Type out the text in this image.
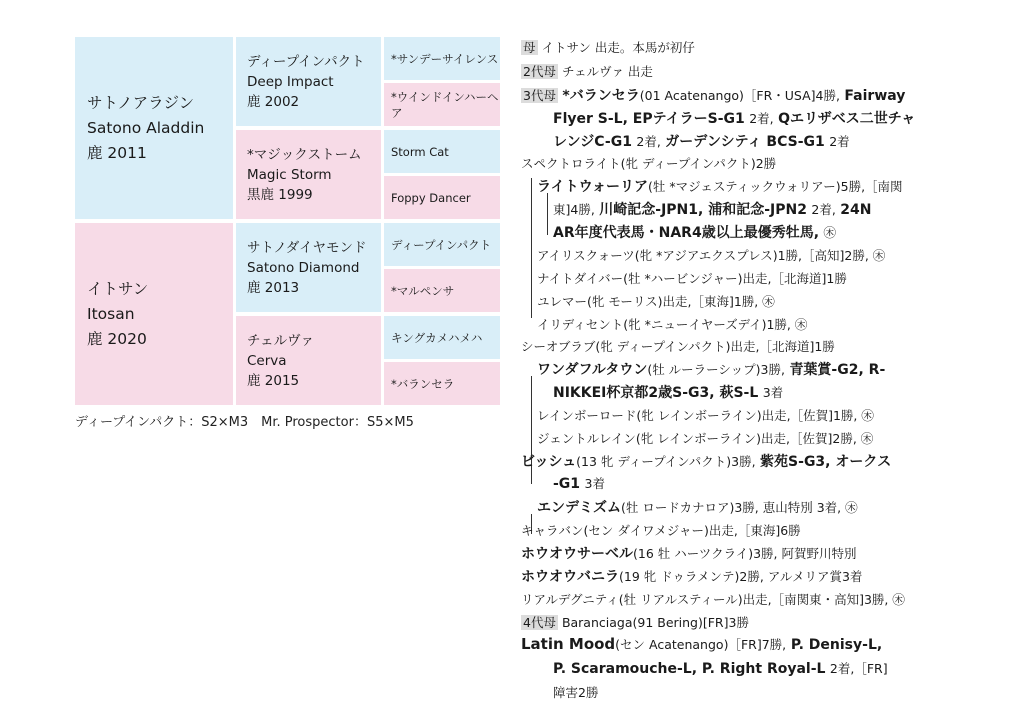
サトノアラジン
Satono Aladdin
鹿 2011
イトサン
Itosan
鹿 2020
ディープインパクト
Deep Impact
鹿 2002
*マジックストーム
Magic Storm
黒鹿 1999
サトノダイヤモンド
Satono Diamond
鹿 2013
チェルヴァ
Cerva
鹿 2015
*サンデーサイレンス
*ウインドインハーヘア
Storm Cat
Foppy Dancer
ディープインパクト
*マルペンサ
キングカメハメハ
*バランセラ
ディープインパクト：S2×M3　Mr. Prospector：S5×M5
母 イトサン 出走。本馬が初仔
2代母 チェルヴァ 出走
3代母 *バランセラ(01 Acatenango)［FR・USA]4勝, Fairway
Flyer S-L, EPテイラーS-G1 2着, Qエリザベス二世チャ
レンジC-G1 2着, ガーデンシティ BCS-G1 2着
スペクトロライト(牝 ディープインパクト)2勝
ライトウォーリア(牡 *マジェスティックウォリアー)5勝,［南関
東]4勝, 川崎記念-JPN1, 浦和記念-JPN2 2着, 24N
AR年度代表馬・NAR4歳以上最優秀牡馬, ㊍
アイリスクォーツ(牝 *アジアエクスプレス)1勝,［高知]2勝, ㊍
ナイトダイバー(牡 *ハービンジャー)出走,［北海道]1勝
ユレマー(牝 モーリス)出走,［東海]1勝, ㊍
イリディセント(牝 *ニューイヤーズデイ)1勝, ㊍
シーオブラブ(牝 ディープインパクト)出走,［北海道]1勝
ワンダフルタウン(牡 ルーラーシップ)3勝, 青葉賞-G2, R-
NIKKEI杯京都2歳S-G3, 萩S-L 3着
レインボーロード(牝 レインボーライン)出走,［佐賀]1勝, ㊍
ジェントルレイン(牝 レインボーライン)出走,［佐賀]2勝, ㊍
ビッシュ(13 牝 ディープインパクト)3勝, 紫苑S-G3, オークス
-G1 3着
エンデミズム(牡 ロードカナロア)3勝, 恵山特別 3着, ㊍
キャラバン(セン ダイワメジャー)出走,［東海]6勝
ホウオウサーベル(16 牡 ハーツクライ)3勝, 阿賀野川特別
ホウオウバニラ(19 牝 ドゥラメンテ)2勝, アルメリア賞3着
リアルデグニティ(牡 リアルスティール)出走,［南関東・高知]3勝, ㊍
4代母 Baranciaga(91 Bering)[FR]3勝
Latin Mood(セン Acatenango)［FR]7勝, P. Denisy-L,
P. Scaramouche-L, P. Right Royal-L 2着,［FR]
障害2勝
